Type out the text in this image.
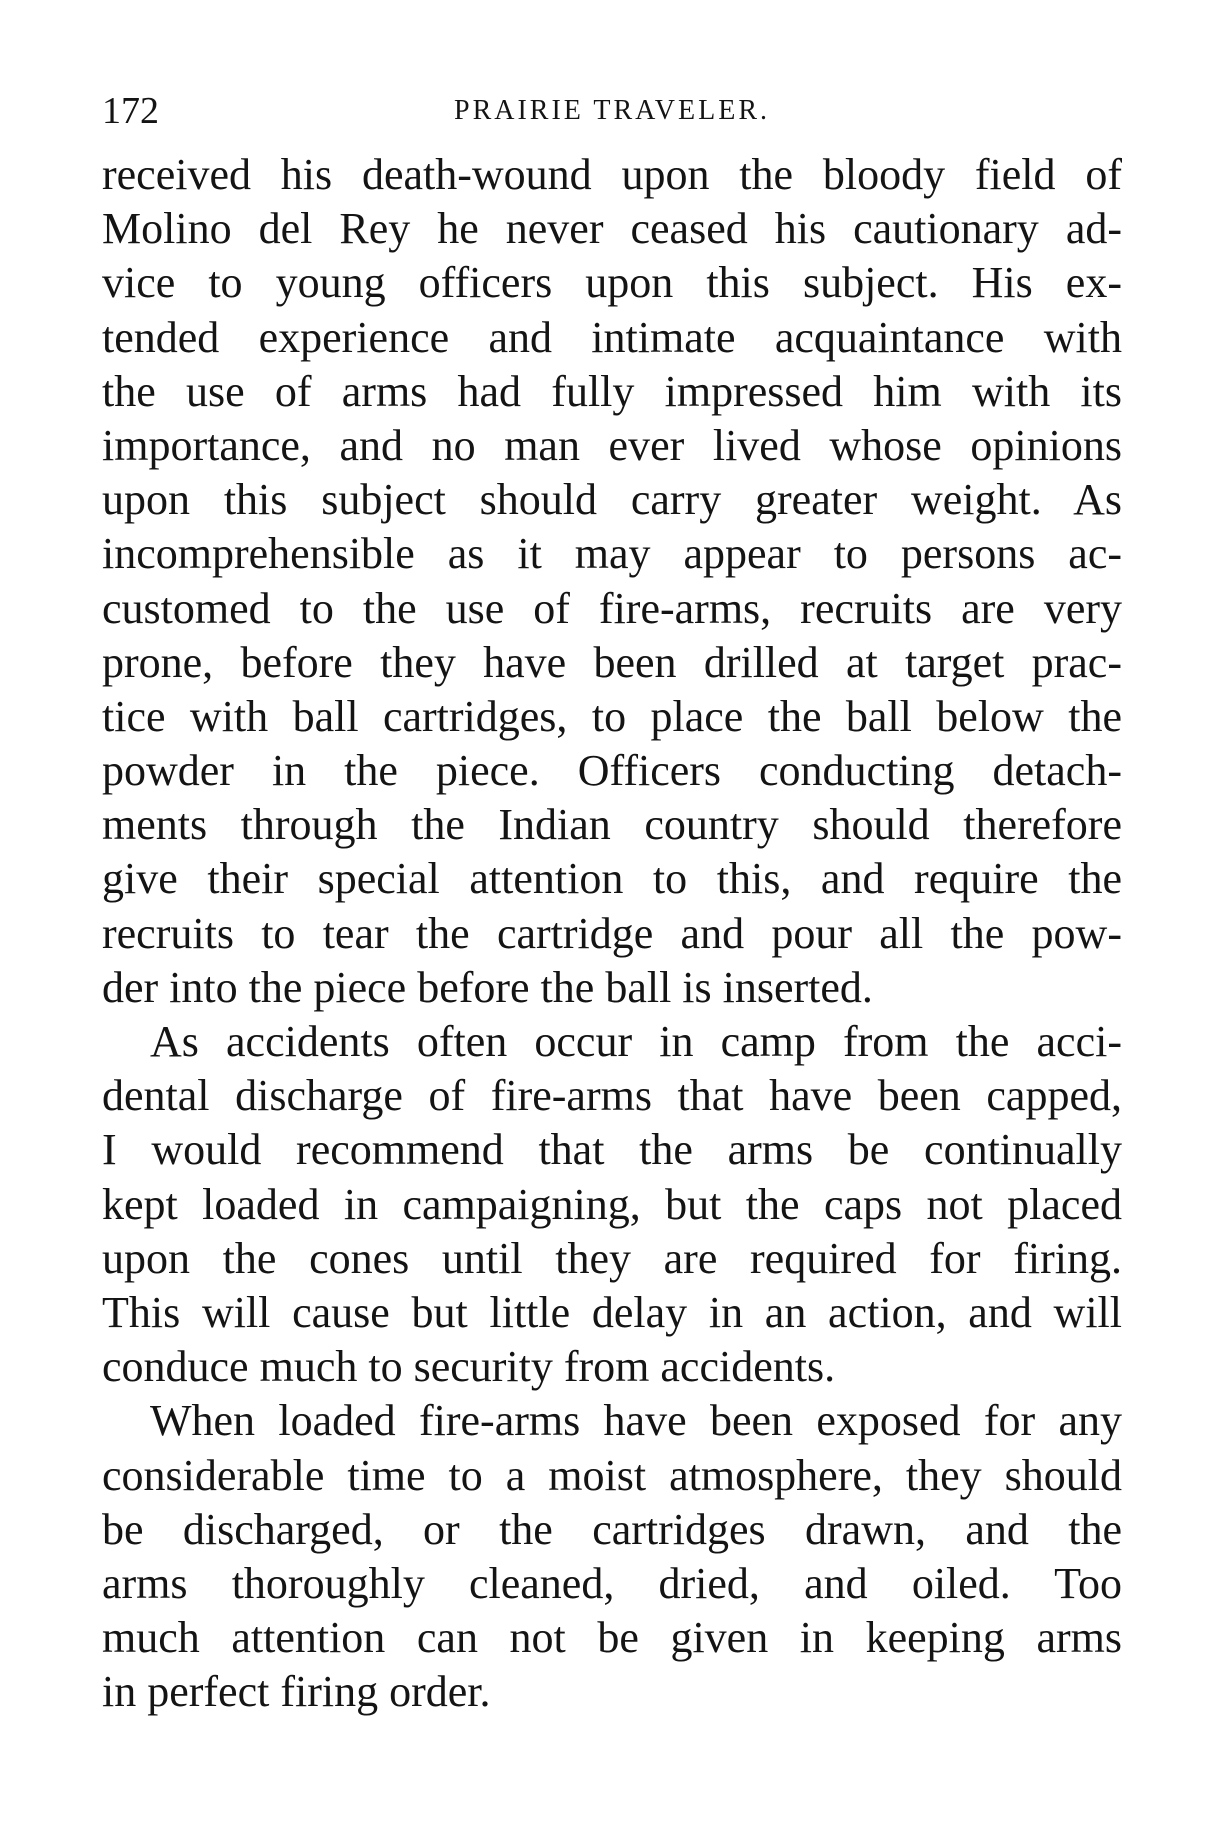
172	PRAIRIE TRAVELER.
received his death-wound upon the bloody field of
Molino del Rey he never ceased his cautionary ad-
vice to young officers upon this subject. His ex-
tended experience and intimate acquaintance with
the use of arms had fully impressed him with its
importance, and no man ever lived whose opinions
upon this subject should carry greater weight. As
incomprehensible as it may appear to persons ac-
customed to the use of fire-arms, recruits are very
prone, before they have been drilled at target prac-
tice with ball cartridges, to place the ball below the
powder in the piece. Officers conducting detach-
ments through the Indian country should therefore
give their special attention to this, and require the
recruits to tear the cartridge and pour all the pow-
der into the piece before the ball is inserted.
As accidents often occur in camp from the acci-
dental discharge of fire-arms that have been capped,
I would recommend that the arms be continually
kept loaded in campaigning, but the caps not placed
upon the cones until they are required for firing.
This will cause but little delay in an action, and will
conduce much to security from accidents.
When loaded fire-arms have been exposed for any
considerable time to a moist atmosphere, they should
be discharged, or the cartridges drawn, and the
arms thoroughly cleaned, dried, and oiled. Too
much attention can not be given in keeping arms
in perfect firing order.
